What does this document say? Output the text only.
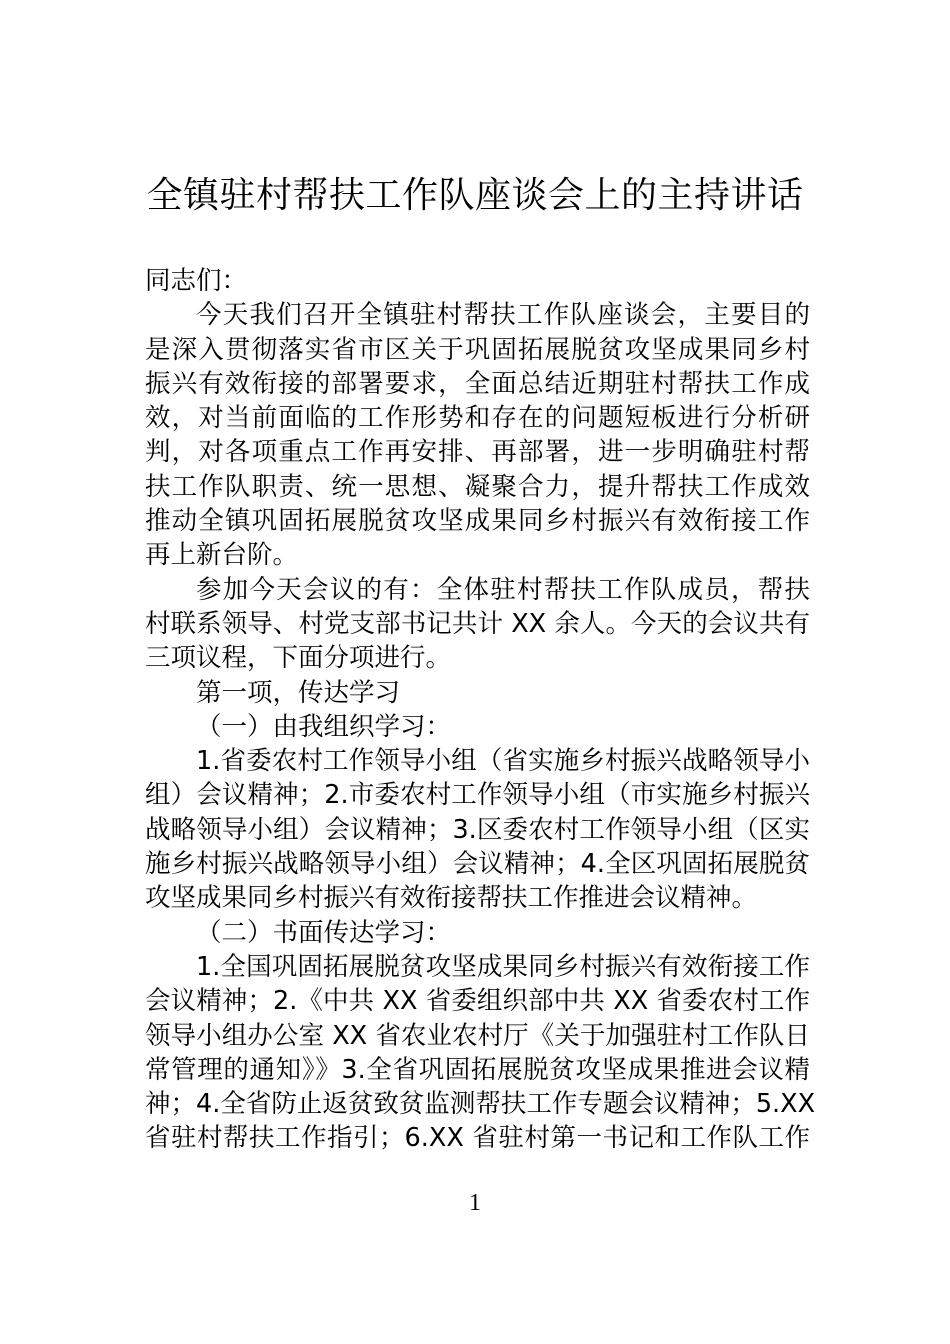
全镇驻村帮扶工作队座谈会上的主持讲话
同志们：
今天我们召开全镇驻村帮扶工作队座谈会，主要目的
是深入贯彻落实省市区关于巩固拓展脱贫攻坚成果同乡村
振兴有效衔接的部署要求，全面总结近期驻村帮扶工作成
效，对当前面临的工作形势和存在的问题短板进行分析研
判，对各项重点工作再安排、再部署，进一步明确驻村帮
扶工作队职责、统一思想、凝聚合力，提升帮扶工作成效
推动全镇巩固拓展脱贫攻坚成果同乡村振兴有效衔接工作
再上新台阶。
参加今天会议的有：全体驻村帮扶工作队成员，帮扶
村联系领导、村党支部书记共计 XX 余人。今天的会议共有
三项议程，下面分项进行。
第一项，传达学习
（一）由我组织学习：
1.省委农村工作领导小组（省实施乡村振兴战略领导小
组）会议精神；2.市委农村工作领导小组（市实施乡村振兴
战略领导小组）会议精神；3.区委农村工作领导小组（区实
施乡村振兴战略领导小组）会议精神；4.全区巩固拓展脱贫
攻坚成果同乡村振兴有效衔接帮扶工作推进会议精神。
（二）书面传达学习：
1.全国巩固拓展脱贫攻坚成果同乡村振兴有效衔接工作
会议精神；2.《中共 XX 省委组织部中共 XX 省委农村工作
领导小组办公室 XX 省农业农村厅《关于加强驻村工作队日
常管理的通知》》3.全省巩固拓展脱贫攻坚成果推进会议精
神；4.全省防止返贫致贫监测帮扶工作专题会议精神；5.XX
省驻村帮扶工作指引；6.XX 省驻村第一书记和工作队工作
1
